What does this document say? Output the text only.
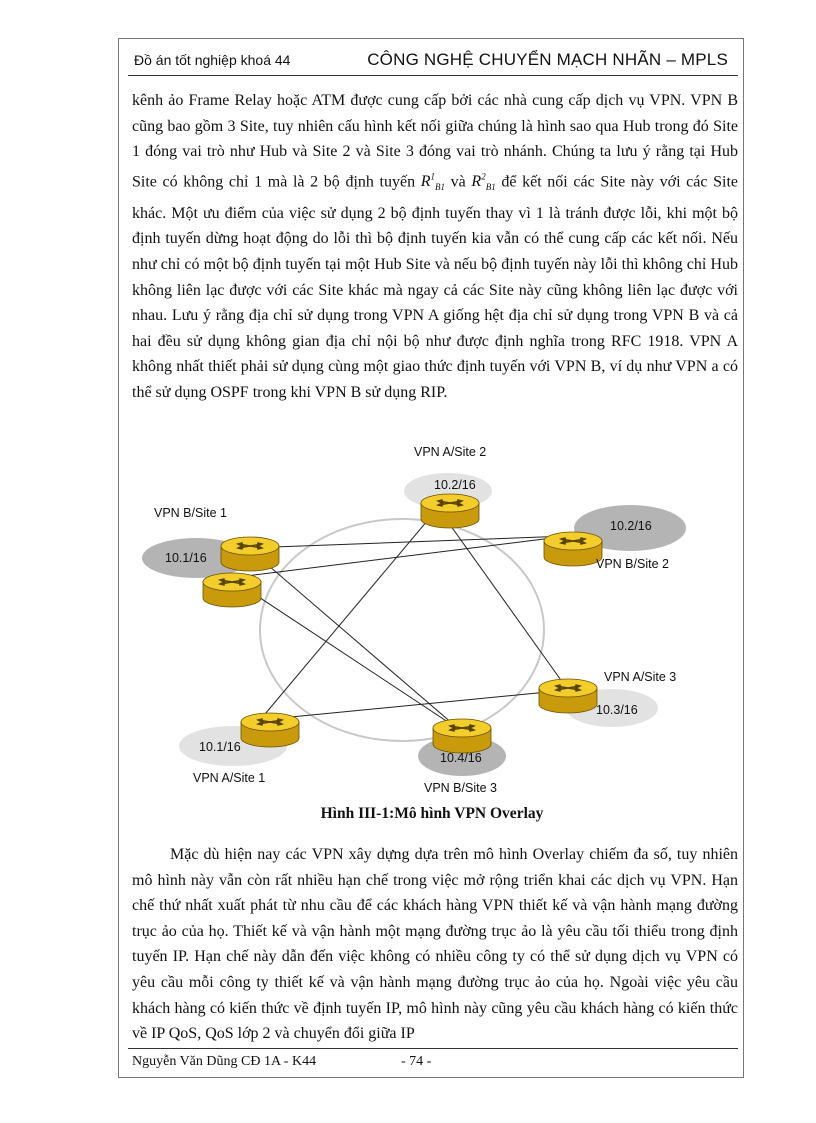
Đồ án tốt nghiệp khoá 44	CÔNG NGHỆ CHUYỂN MẠCH NHÃN – MPLS
kênh ảo Frame Relay hoặc ATM được cung cấp bởi các nhà cung cấp dịch vụ VPN. VPN B cũng bao gồm 3 Site, tuy nhiên cấu hình kết nối giữa chúng là hình sao qua Hub trong đó Site 1 đóng vai trò như Hub và Site 2 và Site 3 đóng vai trò nhánh. Chúng ta lưu ý rằng tại Hub Site có không chỉ 1 mà là 2 bộ định tuyến $R^1_{B1}$ và $R^2_{B1}$ để kết nối các Site này với các Site khác. Một ưu điểm của việc sử dụng 2 bộ định tuyến thay vì 1 là tránh được lỗi, khi một bộ định tuyến dừng hoạt động do lỗi thì bộ định tuyến kia vẫn có thể cung cấp các kết nối. Nếu như chỉ có một bộ định tuyến tại một Hub Site và nếu bộ định tuyến này lỗi thì không chỉ Hub không liên lạc được với các Site khác mà ngay cả các Site này cũng không liên lạc được với nhau. Lưu ý rằng địa chỉ sử dụng trong VPN A giống hệt địa chỉ sử dụng trong VPN B và cả hai đều sử dụng không gian địa chỉ nội bộ như được định nghĩa trong RFC 1918. VPN A không nhất thiết phải sử dụng cùng một giao thức định tuyến với VPN B, ví dụ như VPN a có thể sử dụng OSPF trong khi VPN B sử dụng RIP.
VPN A/Site 2
VPN B/Site 1
VPN B/Site 2
VPN A/Site 3
VPN A/Site 1
VPN B/Site 3
10.2/16
10.1/16
10.2/16
10.3/16
10.1/16
10.4/16
Hình III-1:Mô hình VPN Overlay
Mặc dù hiện nay các VPN xây dựng dựa trên mô hình Overlay chiếm đa số, tuy nhiên mô hình này vẫn còn rất nhiều hạn chế trong việc mở rộng triển khai các dịch vụ VPN. Hạn chế thứ nhất xuất phát từ nhu cầu để các khách hàng VPN thiết kế và vận hành mạng đường trục ảo của họ. Thiết kế và vận hành một mạng đường trục ảo là yêu cầu tối thiểu trong định tuyến IP. Hạn chế này dẫn đến việc không có nhiều công ty có thể sử dụng dịch vụ VPN có yêu cầu mỗi công ty thiết kế và vận hành mạng đường trục ảo của họ. Ngoài việc yêu cầu khách hàng có kiến thức về định tuyến IP, mô hình này cũng yêu cầu khách hàng có kiến thức về IP QoS, QoS lớp 2 và chuyển đổi giữa IP
Nguyễn Văn Dũng CĐ 1A - K44	- 74 -
